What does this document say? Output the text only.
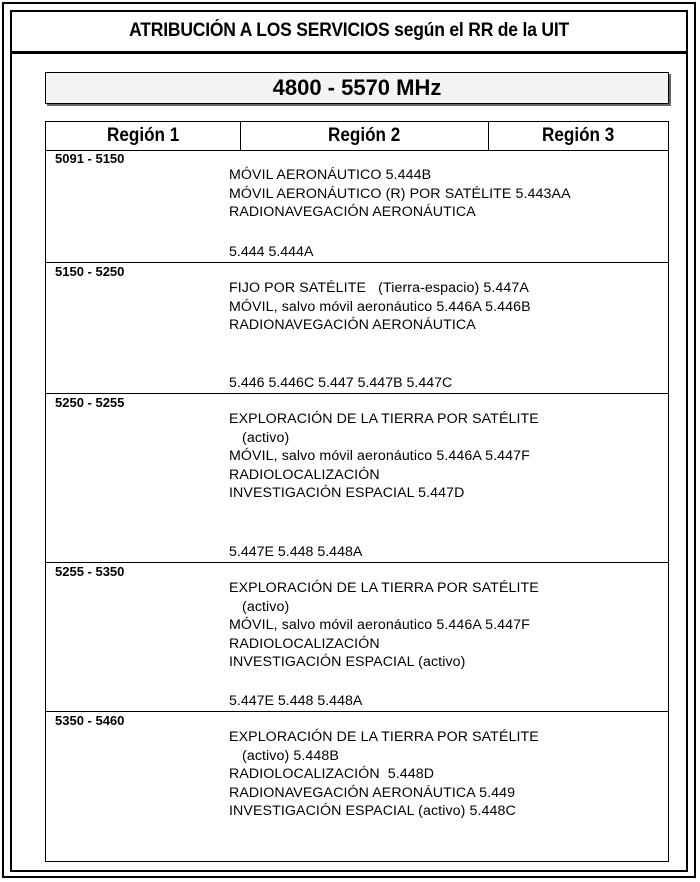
ATRIBUCIÓN A LOS SERVICIOS según el RR de la UIT
4800 - 5570 MHz
Región 1	Región 2	Región 3
5091 - 5150
MÓVIL AERONÁUTICO 5.444B
MÓVIL AERONÁUTICO (R) POR SATÉLITE 5.443AA
RADIONAVEGACIÓN AERONÁUTICA
5.444 5.444A
5150 - 5250
FIJO POR SATÉLITE   (Tierra-espacio) 5.447A
MÓVIL, salvo móvil aeronáutico 5.446A 5.446B
RADIONAVEGACIÓN AERONÁUTICA
5.446 5.446C 5.447 5.447B 5.447C
5250 - 5255
EXPLORACIÓN DE LA TIERRA POR SATÉLITE
(activo)
MÓVIL, salvo móvil aeronáutico 5.446A 5.447F
RADIOLOCALIZACIÓN
INVESTIGACIÓN ESPACIAL 5.447D
5.447E 5.448 5.448A
5255 - 5350
EXPLORACIÓN DE LA TIERRA POR SATÉLITE
(activo)
MÓVIL, salvo móvil aeronáutico 5.446A 5.447F
RADIOLOCALIZACIÓN
INVESTIGACIÓN ESPACIAL (activo)
5.447E 5.448 5.448A
5350 - 5460
EXPLORACIÓN DE LA TIERRA POR SATÉLITE
(activo) 5.448B
RADIOLOCALIZACIÓN  5.448D
RADIONAVEGACIÓN AERONÁUTICA 5.449
INVESTIGACIÓN ESPACIAL (activo) 5.448C
